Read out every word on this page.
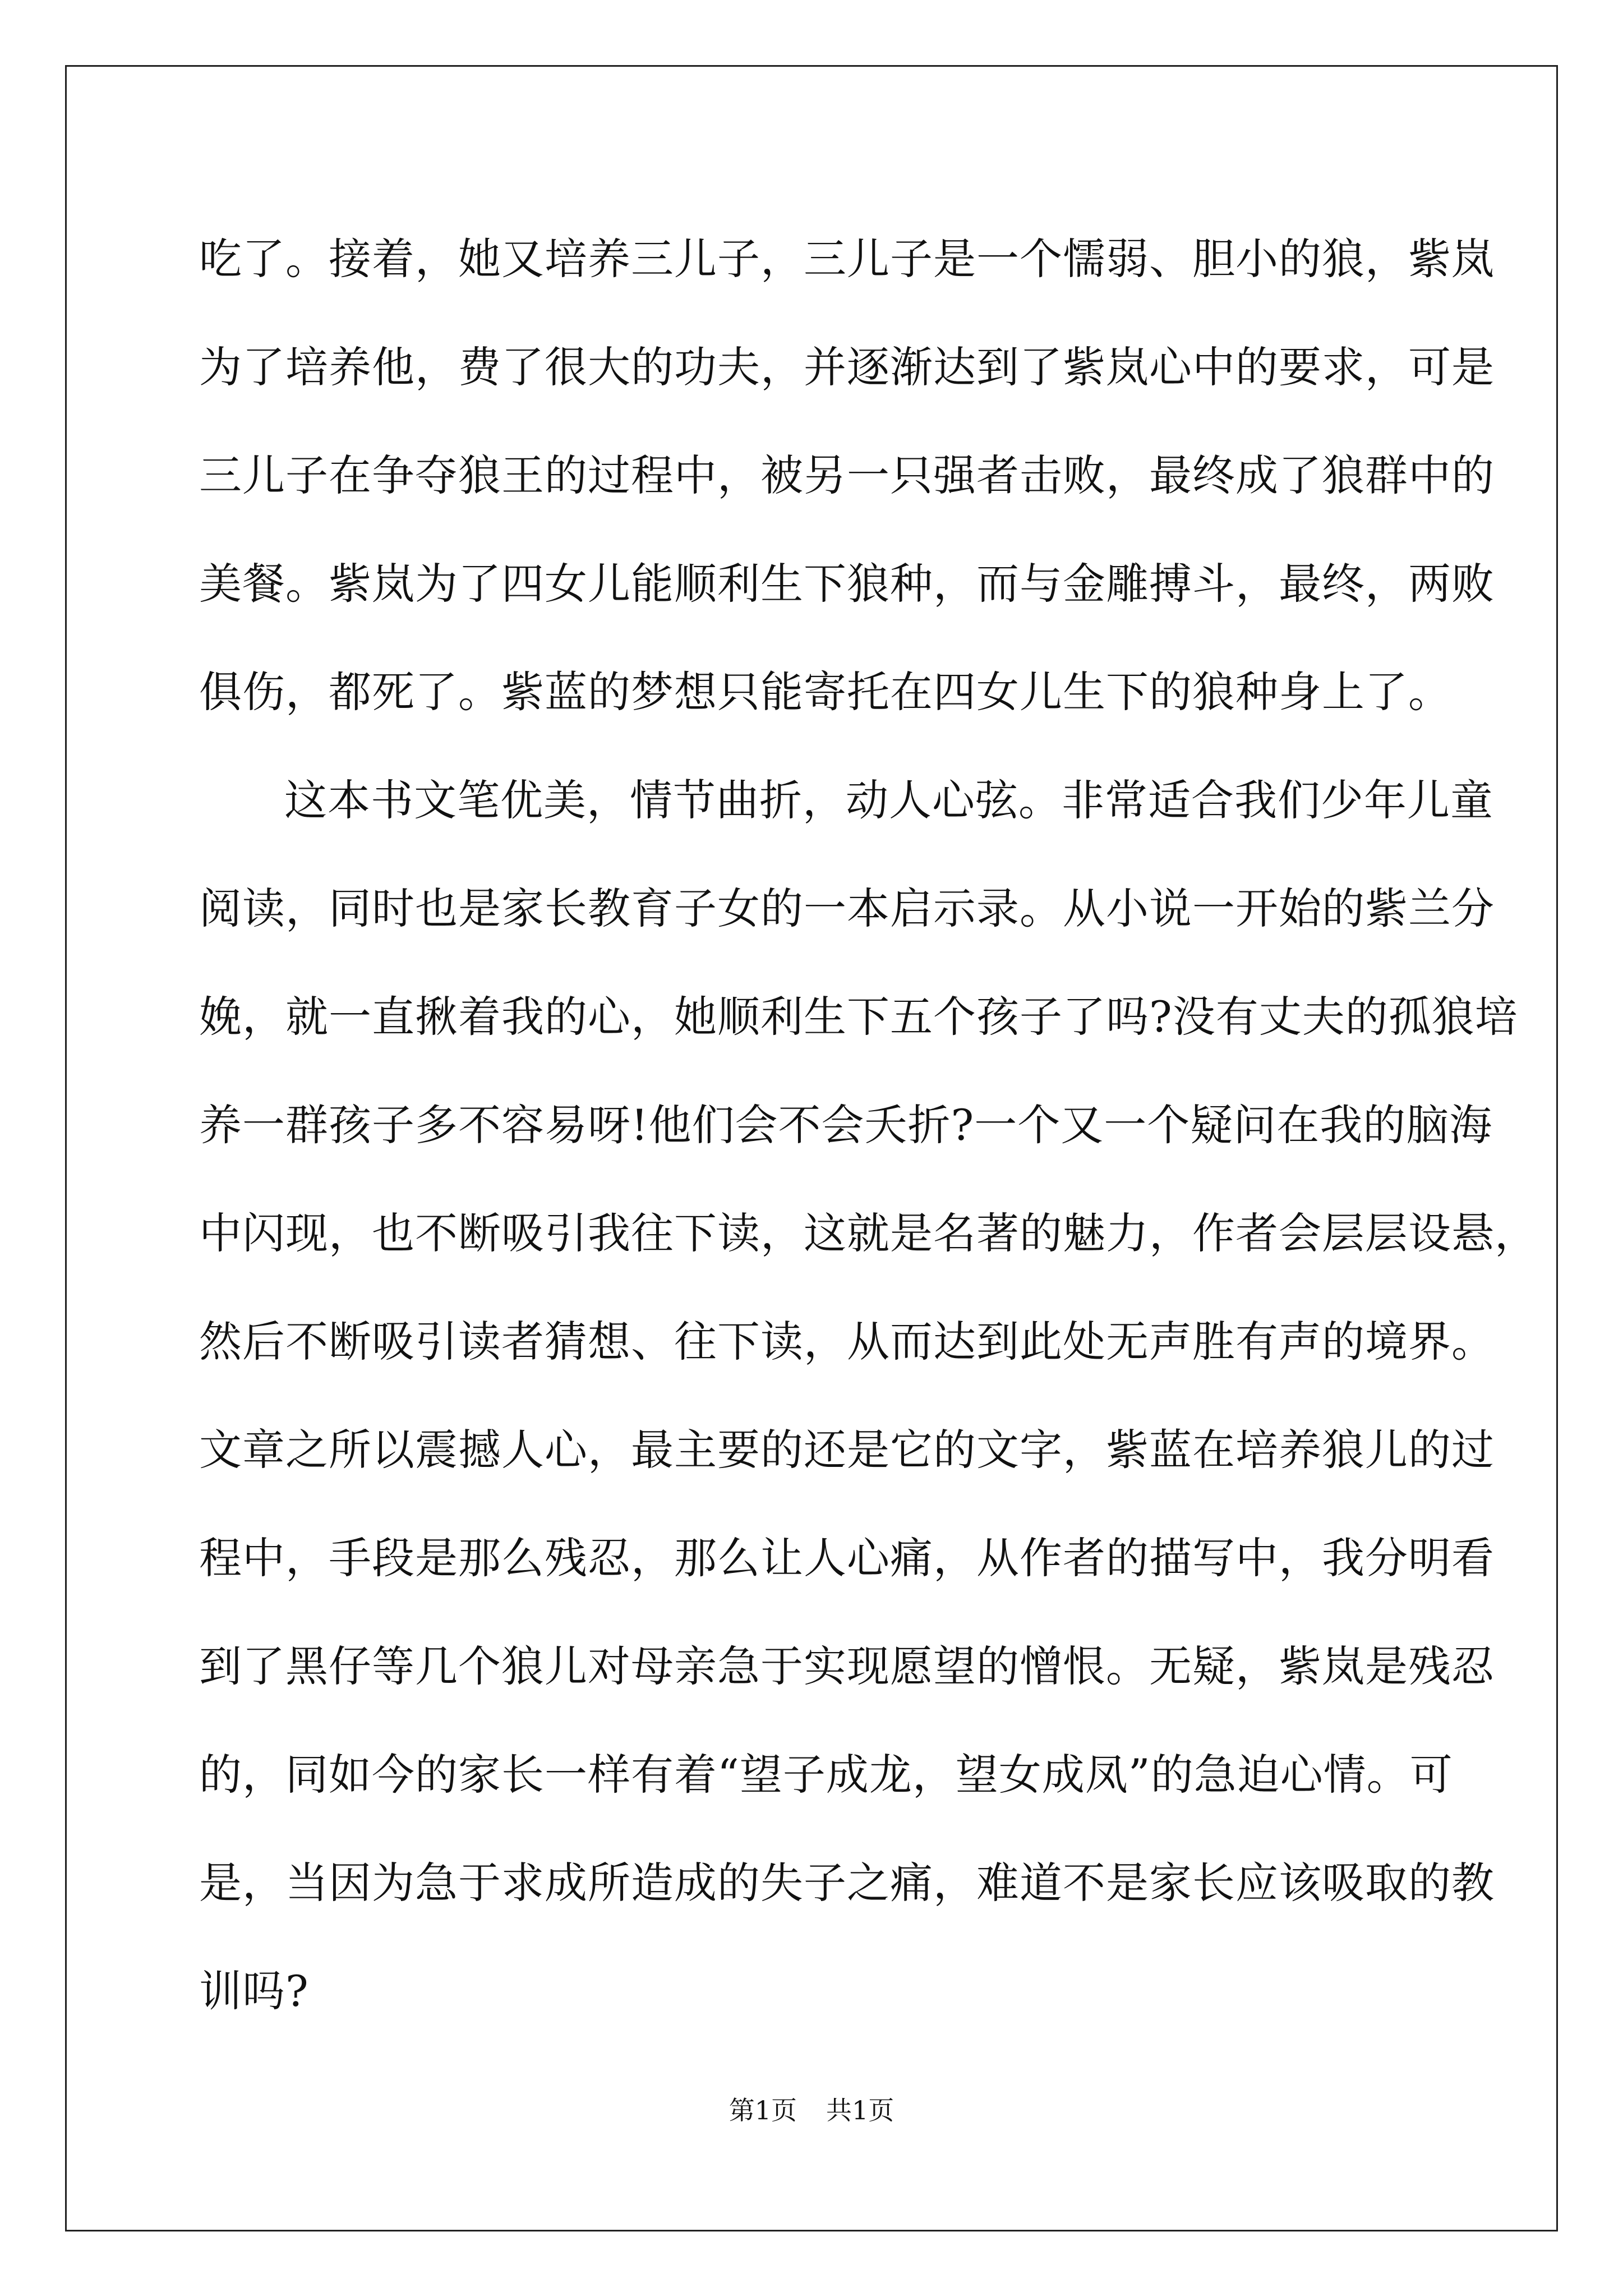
吃了。接着，她又培养三儿子，三儿子是一个懦弱、胆小的狼，紫岚
为了培养他，费了很大的功夫，并逐渐达到了紫岚心中的要求，可是
三儿子在争夺狼王的过程中，被另一只强者击败，最终成了狼群中的
美餐。紫岚为了四女儿能顺利生下狼种，而与金雕搏斗，最终，两败
俱伤，都死了。紫蓝的梦想只能寄托在四女儿生下的狼种身上了。
这本书文笔优美，情节曲折，动人心弦。非常适合我们少年儿童
阅读，同时也是家长教育子女的一本启示录。从小说一开始的紫兰分
娩，就一直揪着我的心，她顺利生下五个孩子了吗?没有丈夫的孤狼培
养一群孩子多不容易呀!他们会不会夭折?一个又一个疑问在我的脑海
中闪现，也不断吸引我往下读，这就是名著的魅力，作者会层层设悬，
然后不断吸引读者猜想、往下读，从而达到此处无声胜有声的境界。
文章之所以震撼人心，最主要的还是它的文字，紫蓝在培养狼儿的过
程中，手段是那么残忍，那么让人心痛，从作者的描写中，我分明看
到了黑仔等几个狼儿对母亲急于实现愿望的憎恨。无疑，紫岚是残忍
的，同如今的家长一样有着“望子成龙，望女成凤”的急迫心情。可
是，当因为急于求成所造成的失子之痛，难道不是家长应该吸取的教
训吗?
第1页 共1页
